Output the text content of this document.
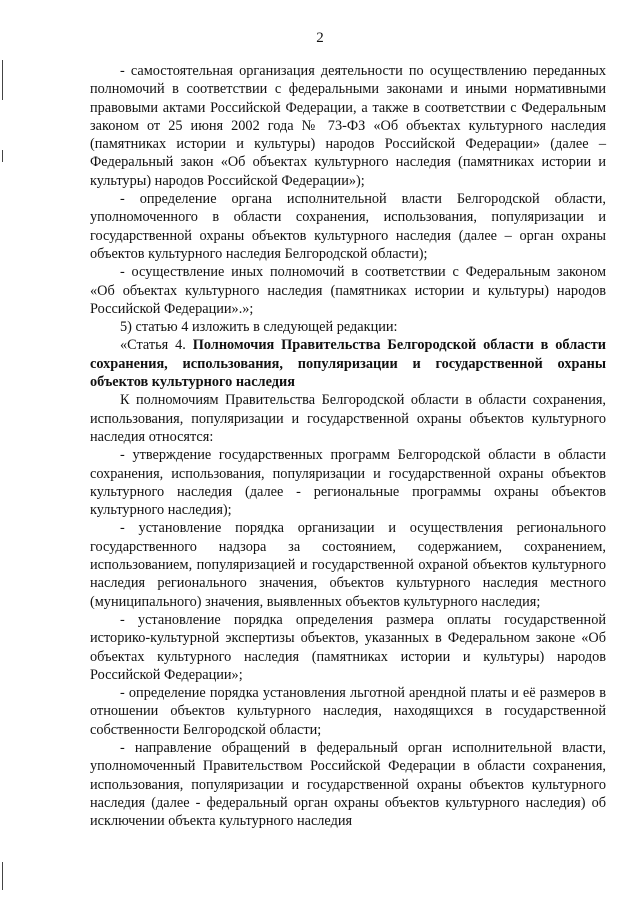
2

- самостоятельная организация деятельности по осуществлению переданных полномочий в соответствии с федеральными законами и иными нормативными правовыми актами Российской Федерации, а также в соответствии с Федеральным законом от 25 июня 2002 года № 73-ФЗ «Об объектах культурного наследия (памятниках истории и культуры) народов Российской Федерации» (далее – Федеральный закон «Об объектах культурного наследия (памятниках истории и культуры) народов Российской Федерации»);

- определение органа исполнительной власти Белгородской области, уполномоченного в области сохранения, использования, популяризации и государственной охраны объектов культурного наследия (далее – орган охраны объектов культурного наследия Белгородской области);

- осуществление иных полномочий в соответствии с Федеральным законом «Об объектах культурного наследия (памятниках истории и культуры) народов Российской Федерации».»;

5) статью 4 изложить в следующей редакции:

«Статья 4. Полномочия Правительства Белгородской области в области сохранения, использования, популяризации и государственной охраны объектов культурного наследия

К полномочиям Правительства Белгородской области в области сохранения, использования, популяризации и государственной охраны объектов культурного наследия относятся:

- утверждение государственных программ Белгородской области в области сохранения, использования, популяризации и государственной охраны объектов культурного наследия (далее - региональные программы охраны объектов культурного наследия);

- установление порядка организации и осуществления регионального государственного надзора за состоянием, содержанием, сохранением, использованием, популяризацией и государственной охраной объектов культурного наследия регионального значения, объектов культурного наследия местного (муниципального) значения, выявленных объектов культурного наследия;

- установление порядка определения размера оплаты государственной историко-культурной экспертизы объектов, указанных в Федеральном законе «Об объектах культурного наследия (памятниках истории и культуры) народов Российской Федерации»;

- определение порядка установления льготной арендной платы и её размеров в отношении объектов культурного наследия, находящихся в государственной собственности Белгородской области;

- направление обращений в федеральный орган исполнительной власти, уполномоченный Правительством Российской Федерации в области сохранения, использования, популяризации и государственной охраны объектов культурного наследия (далее - федеральный орган охраны объектов культурного наследия) об исключении объекта культурного наследия
